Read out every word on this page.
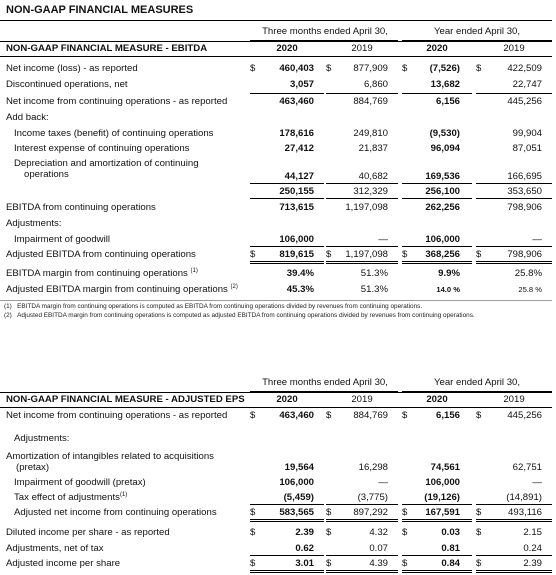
NON-GAAP FINANCIAL MEASURES
Three months ended April 30,	Year ended April 30,
NON-GAAP FINANCIAL MEASURE - EBITDA	2020	2019	2020	2019
Net income (loss) - as reported	$	460,403 $	877,909 $	(7,526) $	422,509
Discontinued operations, net	3,057	6,860	13,682	22,747
Net income from continuing operations - as reported	463,460	884,769	6,156	445,256
Add back:
Income taxes (benefit) of continuing operations	178,616	249,810	(9,530)	99,904
Interest expense of continuing operations	27,412	21,837	96,094	87,051
Depreciation and amortization of continuing
operations	44,127	40,682	169,536	166,695
250,155	312,329	256,100	353,650
EBITDA from continuing operations	713,615	1,197,098	262,256	798,906
Adjustments:
Impairment of goodwill	106,000	—	106,000	—
Adjusted EBITDA from continuing operations	$	819,615 $	1,197,098 $	368,256 $	798,906
EBITDA margin from continuing operations $^{(1)}$	39.4%	51.3%	9.9%	25.8%
Adjusted EBITDA margin from continuing operations $^{(2)}$	45.3%	51.3%	14.0 %	25.8 %
(1) EBITDA margin from continuing operations is computed as EBITDA from continuing operations divided by revenues from continuing operations.
(2) Adjusted EBITDA margin from continuing operations is computed as adjusted EBITDA from continuing operations divided by revenues from continuing operations.
Three months ended April 30,	Year ended April 30,
NON-GAAP FINANCIAL MEASURE - ADJUSTED EPS	2020	2019	2020	2019
Net income from continuing operations - as reported $	463,460 $	884,769 $	6,156 $	445,256
Adjustments:
Amortization of intangibles related to acquisitions
(pretax)	19,564	16,298	74,561	62,751
Impairment of goodwill (pretax)	106,000	—	106,000	—
Tax effect of adjustments$^{(1)}$	(5,459)	(3,775)	(19,126)	(14,891)
Adjusted net income from continuing operations	$	583,565 $	897,292 $	167,591 $	493,116
Diluted income per share - as reported	$	2.39 $	4.32 $	0.03 $	2.15
Adjustments, net of tax	0.62	0.07	0.81	0.24
Adjusted income per share	$	3.01 $	4.39 $	0.84 $	2.39
